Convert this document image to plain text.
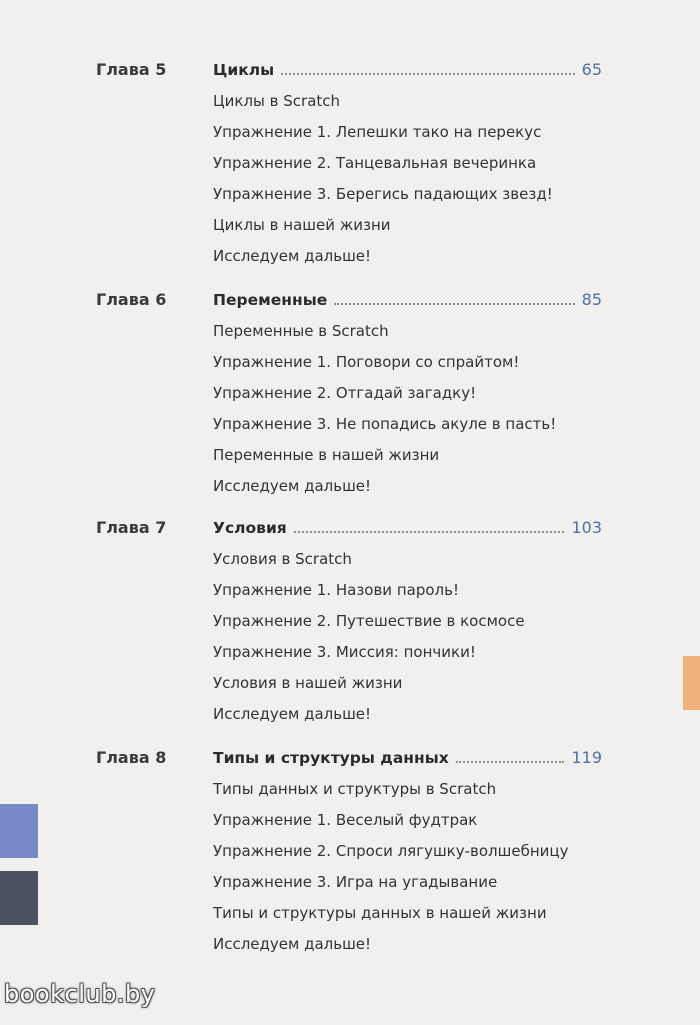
Глава 5	Циклы	65
Циклы в Scratch
Упражнение 1. Лепешки тако на перекус
Упражнение 2. Танцевальная вечеринка
Упражнение 3. Берегись падающих звезд!
Циклы в нашей жизни
Исследуем дальше!
Глава 6	Переменные	85
Переменные в Scratch
Упражнение 1. Поговори со спрайтом!
Упражнение 2. Отгадай загадку!
Упражнение 3. Не попадись акуле в пасть!
Переменные в нашей жизни
Исследуем дальше!
Глава 7	Условия	103
Условия в Scratch
Упражнение 1. Назови пароль!
Упражнение 2. Путешествие в космосе
Упражнение 3. Миссия: пончики!
Условия в нашей жизни
Исследуем дальше!
Глава 8	Типы и структуры данных	119
Типы данных и структуры в Scratch
Упражнение 1. Веселый фудтрак
Упражнение 2. Спроси лягушку-волшебницу
Упражнение 3. Игра на угадывание
Типы и структуры данных в нашей жизни
Исследуем дальше!
bookclub.by
